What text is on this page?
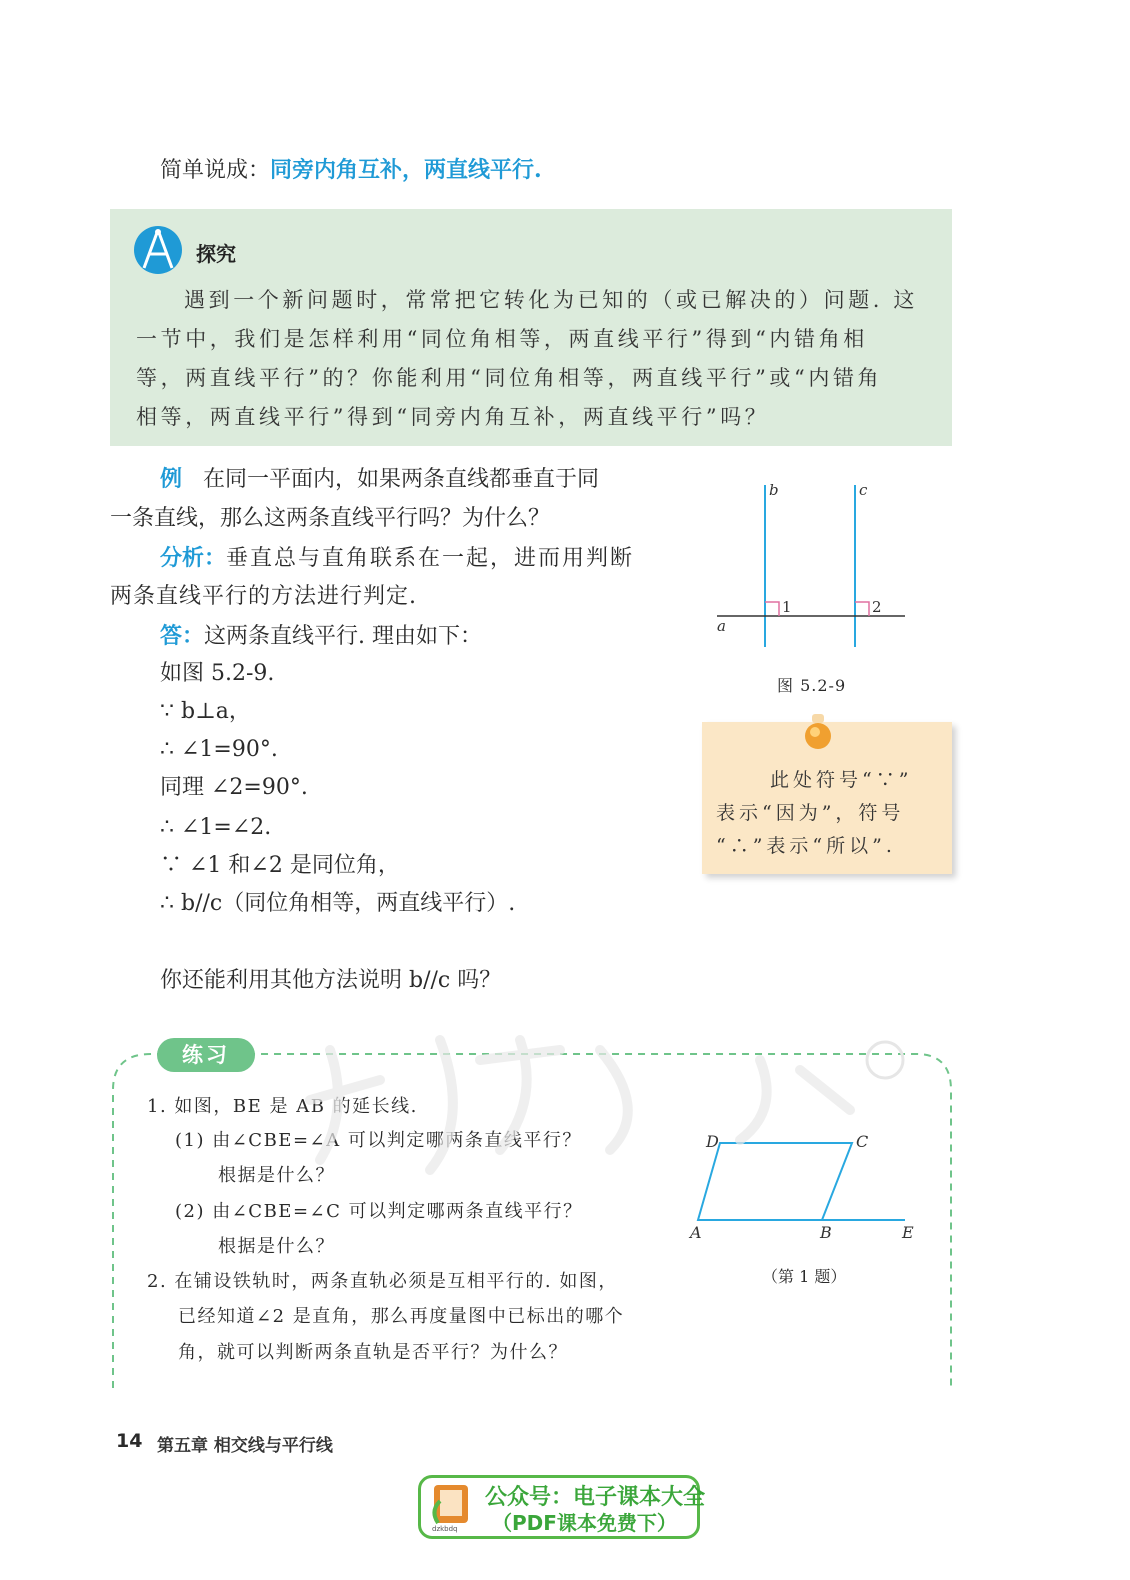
简单说成：同旁内角互补，两直线平行.
探究
遇到一个新问题时，常常把它转化为已知的（或已解决的）问题. 这
一节中，我们是怎样利用“同位角相等，两直线平行”得到“内错角相
等，两直线平行”的？你能利用“同位角相等，两直线平行”或“内错角
相等，两直线平行”得到“同旁内角互补，两直线平行”吗？
例 在同一平面内，如果两条直线都垂直于同
一条直线，那么这两条直线平行吗？为什么？
分析：垂直总与直角联系在一起，进而用判断
两条直线平行的方法进行判定.
答：这两条直线平行. 理由如下：
如图 5.2-9.
∵ b⊥a，
∴ ∠1=90°.
同理 ∠2=90°.
∴ ∠1=∠2.
∵ ∠1 和∠2 是同位角，
∴ b//c（同位角相等，两直线平行）.
你还能利用其他方法说明 b//c 吗？
b	c
a
1	2
图 5.2-9
此处符号“∵”
表示“因为”，符号
“∴”表示“所以”.
练习
1. 如图，BE 是 AB 的延长线.
(1) 由∠CBE=∠A 可以判定哪两条直线平行？
根据是什么？
(2) 由∠CBE=∠C 可以判定哪两条直线平行？
根据是什么？
2. 在铺设铁轨时，两条直轨必须是互相平行的. 如图，
已经知道∠2 是直角，那么再度量图中已标出的哪个
角，就可以判断两条直轨是否平行？为什么？
D	C
A	B	E
（第 1 题）
14 第五章 相交线与平行线
dzkbdq
公众号：电子课本大全
（PDF课本免费下）
